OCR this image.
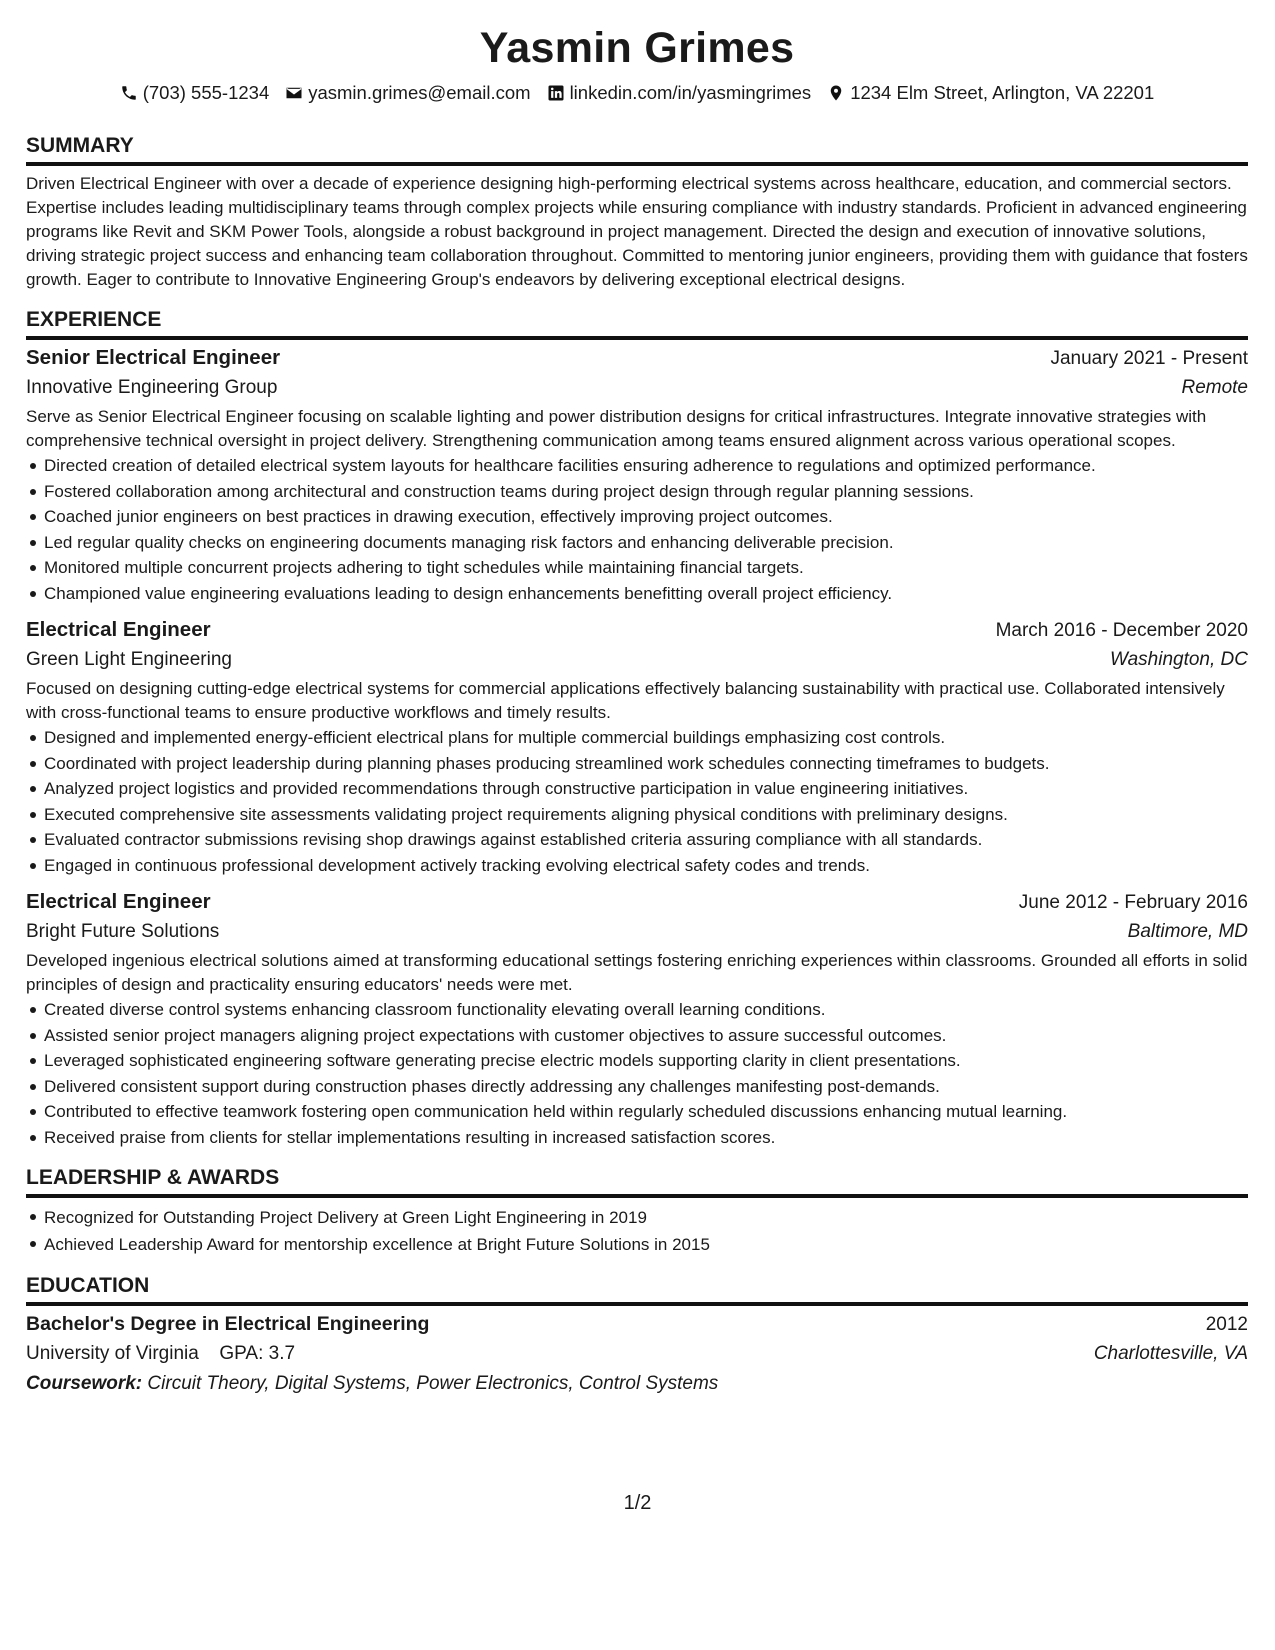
Yasmin Grimes
(703) 555-1234 yasmin.grimes@email.com linkedin.com/in/yasmingrimes 1234 Elm Street, Arlington, VA 22201
SUMMARY
Driven Electrical Engineer with over a decade of experience designing high-performing electrical systems across healthcare, education, and commercial sectors. Expertise includes leading multidisciplinary teams through complex projects while ensuring compliance with industry standards. Proficient in advanced engineering programs like Revit and SKM Power Tools, alongside a robust background in project management. Directed the design and execution of innovative solutions, driving strategic project success and enhancing team collaboration throughout. Committed to mentoring junior engineers, providing them with guidance that fosters growth. Eager to contribute to Innovative Engineering Group's endeavors by delivering exceptional electrical designs.
EXPERIENCE
Senior Electrical Engineer	January 2021 - Present
Innovative Engineering Group	Remote
Serve as Senior Electrical Engineer focusing on scalable lighting and power distribution designs for critical infrastructures. Integrate innovative strategies with comprehensive technical oversight in project delivery. Strengthening communication among teams ensured alignment across various operational scopes.
Directed creation of detailed electrical system layouts for healthcare facilities ensuring adherence to regulations and optimized performance.
Fostered collaboration among architectural and construction teams during project design through regular planning sessions.
Coached junior engineers on best practices in drawing execution, effectively improving project outcomes.
Led regular quality checks on engineering documents managing risk factors and enhancing deliverable precision.
Monitored multiple concurrent projects adhering to tight schedules while maintaining financial targets.
Championed value engineering evaluations leading to design enhancements benefitting overall project efficiency.
Electrical Engineer	March 2016 - December 2020
Green Light Engineering	Washington, DC
Focused on designing cutting-edge electrical systems for commercial applications effectively balancing sustainability with practical use. Collaborated intensively with cross-functional teams to ensure productive workflows and timely results.
Designed and implemented energy-efficient electrical plans for multiple commercial buildings emphasizing cost controls.
Coordinated with project leadership during planning phases producing streamlined work schedules connecting timeframes to budgets.
Analyzed project logistics and provided recommendations through constructive participation in value engineering initiatives.
Executed comprehensive site assessments validating project requirements aligning physical conditions with preliminary designs.
Evaluated contractor submissions revising shop drawings against established criteria assuring compliance with all standards.
Engaged in continuous professional development actively tracking evolving electrical safety codes and trends.
Electrical Engineer	June 2012 - February 2016
Bright Future Solutions	Baltimore, MD
Developed ingenious electrical solutions aimed at transforming educational settings fostering enriching experiences within classrooms. Grounded all efforts in solid principles of design and practicality ensuring educators' needs were met.
Created diverse control systems enhancing classroom functionality elevating overall learning conditions.
Assisted senior project managers aligning project expectations with customer objectives to assure successful outcomes.
Leveraged sophisticated engineering software generating precise electric models supporting clarity in client presentations.
Delivered consistent support during construction phases directly addressing any challenges manifesting post-demands.
Contributed to effective teamwork fostering open communication held within regularly scheduled discussions enhancing mutual learning.
Received praise from clients for stellar implementations resulting in increased satisfaction scores.
LEADERSHIP & AWARDS
Recognized for Outstanding Project Delivery at Green Light Engineering in 2019
Achieved Leadership Award for mentorship excellence at Bright Future Solutions in 2015
EDUCATION
Bachelor's Degree in Electrical Engineering	2012
University of Virginia GPA: 3.7	Charlottesville, VA
Coursework: Circuit Theory, Digital Systems, Power Electronics, Control Systems
1/2
